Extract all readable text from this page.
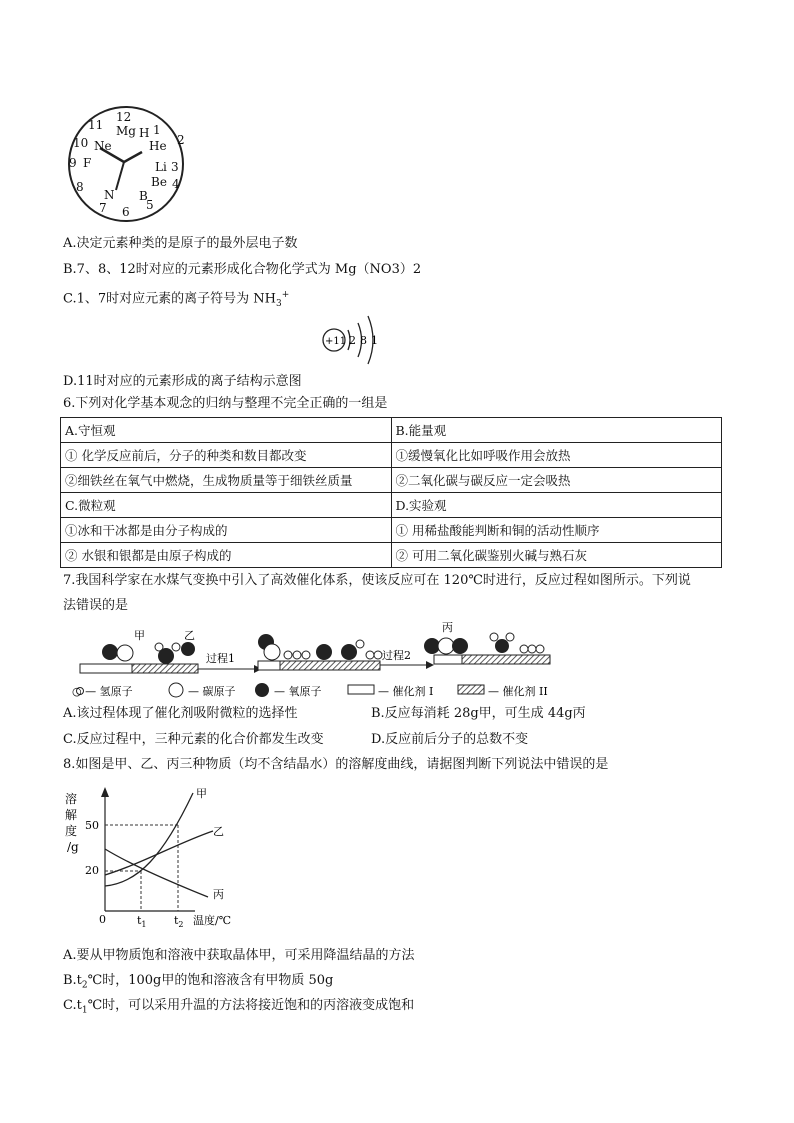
12
1
2
3
4
5
6
7
8
9
10
11 Mg H
He
Li
Be
B
N
F
Ne
A.决定元素种类的是原子的最外层电子数
B.7、8、12时对应的元素形成化合物化学式为 Mg（NO3）2
C.1、7时对应元素的离子符号为 $NH_3^+$
+11 2 8 1
D.11时对应的元素形成的离子结构示意图
6.下列对化学基本观念的归纳与整理不完全正确的一组是
A.守恒观	B.能量观
① 化学反应前后，分子的种类和数目都改变	①缓慢氧化比如呼吸作用会放热
②细铁丝在氧气中燃烧，生成物质量等于细铁丝质量	②二氧化碳与碳反应一定会吸热
C.微粒观	D.实验观
①冰和干冰都是由分子构成的	① 用稀盐酸能判断和铜的活动性顺序
② 水银和银都是由原子构成的	② 可用二氧化碳鉴别火碱与熟石灰
7.我国科学家在水煤气变换中引入了高效催化体系，使该反应可在 120℃时进行，反应过程如图所示。下列说
法错误的是
甲	乙
过程1	过程2
丙
○ — 氢原子	— 碳原子	— 氧原子	— 催化剂 I	— 催化剂 II
A.该过程体现了催化剂吸附微粒的选择性	B.反应每消耗 28g甲，可生成 44g丙
C.反应过程中，三种元素的化合价都发生改变	D.反应前后分子的总数不变
8.如图是甲、乙、丙三种物质（均不含结晶水）的溶解度曲线，请据图判断下列说法中错误的是
溶
解
度
/g
50
20
0
甲
乙
丙
$t_1$ $t_2$ 温度/℃
A.要从甲物质饱和溶液中获取晶体甲，可采用降温结晶的方法
$B.t_2℃$时，100g甲的饱和溶液含有甲物质 50g
$C.t_1℃$时，可以采用升温的方法将接近饱和的丙溶液变成饱和
